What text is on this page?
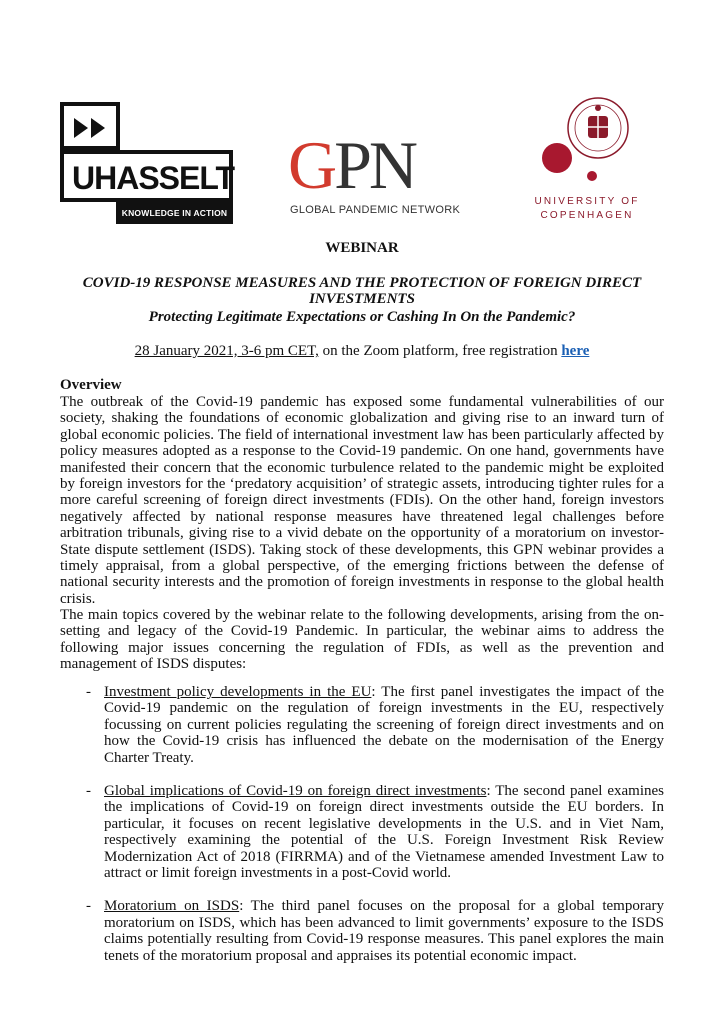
UHASSELT
KNOWLEDGE IN ACTION
GPN
GLOBAL PANDEMIC NETWORK
UNIVERSITY OF
COPENHAGEN
WEBINAR
COVID-19 RESPONSE MEASURES AND THE PROTECTION OF FOREIGN DIRECT INVESTMENTS
Protecting Legitimate Expectations or Cashing In On the Pandemic?
28 January 2021, 3-6 pm CET, on the Zoom platform, free registration here
Overview
The outbreak of the Covid-19 pandemic has exposed some fundamental vulnerabilities of our society, shaking the foundations of economic globalization and giving rise to an inward turn of global economic policies. The field of international investment law has been particularly affected by policy measures adopted as a response to the Covid-19 pandemic. On one hand, governments have manifested their concern that the economic turbulence related to the pandemic might be exploited by foreign investors for the ‘predatory acquisition’ of strategic assets, introducing tighter rules for a more careful screening of foreign direct investments (FDIs). On the other hand, foreign investors negatively affected by national response measures have threatened legal challenges before arbitration tribunals, giving rise to a vivid debate on the opportunity of a moratorium on investor-State dispute settlement (ISDS). Taking stock of these developments, this GPN webinar provides a timely appraisal, from a global perspective, of the emerging frictions between the defense of national security interests and the promotion of foreign investments in response to the global health crisis.
The main topics covered by the webinar relate to the following developments, arising from the on-setting and legacy of the Covid-19 Pandemic. In particular, the webinar aims to address the following major issues concerning the regulation of FDIs, as well as the prevention and management of ISDS disputes:
- Investment policy developments in the EU: The first panel investigates the impact of the Covid-19 pandemic on the regulation of foreign investments in the EU, respectively focussing on current policies regulating the screening of foreign direct investments and on how the Covid-19 crisis has influenced the debate on the modernisation of the Energy Charter Treaty.
- Global implications of Covid-19 on foreign direct investments: The second panel examines the implications of Covid-19 on foreign direct investments outside the EU borders. In particular, it focuses on recent legislative developments in the U.S. and in Viet Nam, respectively examining the potential of the U.S. Foreign Investment Risk Review Modernization Act of 2018 (FIRRMA) and of the Vietnamese amended Investment Law to attract or limit foreign investments in a post-Covid world.
- Moratorium on ISDS: The third panel focuses on the proposal for a global temporary moratorium on ISDS, which has been advanced to limit governments’ exposure to the ISDS claims potentially resulting from Covid-19 response measures. This panel explores the main tenets of the moratorium proposal and appraises its potential economic impact.
